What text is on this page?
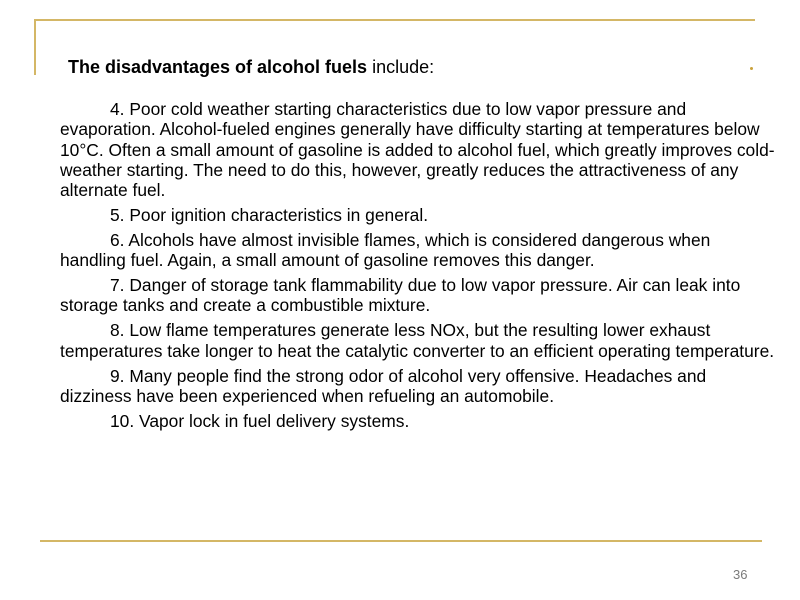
The disadvantages of alcohol fuels include:

4. Poor cold weather starting characteristics due to low vapor pressure and evaporation. Alcohol-fueled engines generally have difficulty starting at temperatures below 10°C. Often a small amount of gasoline is added to alcohol fuel, which greatly improves cold-weather starting. The need to do this, however, greatly reduces the attractiveness of any alternate fuel.

5. Poor ignition characteristics in general.

6. Alcohols have almost invisible flames, which is considered dangerous when handling fuel. Again, a small amount of gasoline removes this danger.

7. Danger of storage tank flammability due to low vapor pressure. Air can leak into storage tanks and create a combustible mixture.

8. Low flame temperatures generate less NOx, but the resulting lower exhaust temperatures take longer to heat the catalytic converter to an efficient operating temperature.

9. Many people find the strong odor of alcohol very offensive. Headaches and dizziness have been experienced when refueling an automobile.

10. Vapor lock in fuel delivery systems.

36
